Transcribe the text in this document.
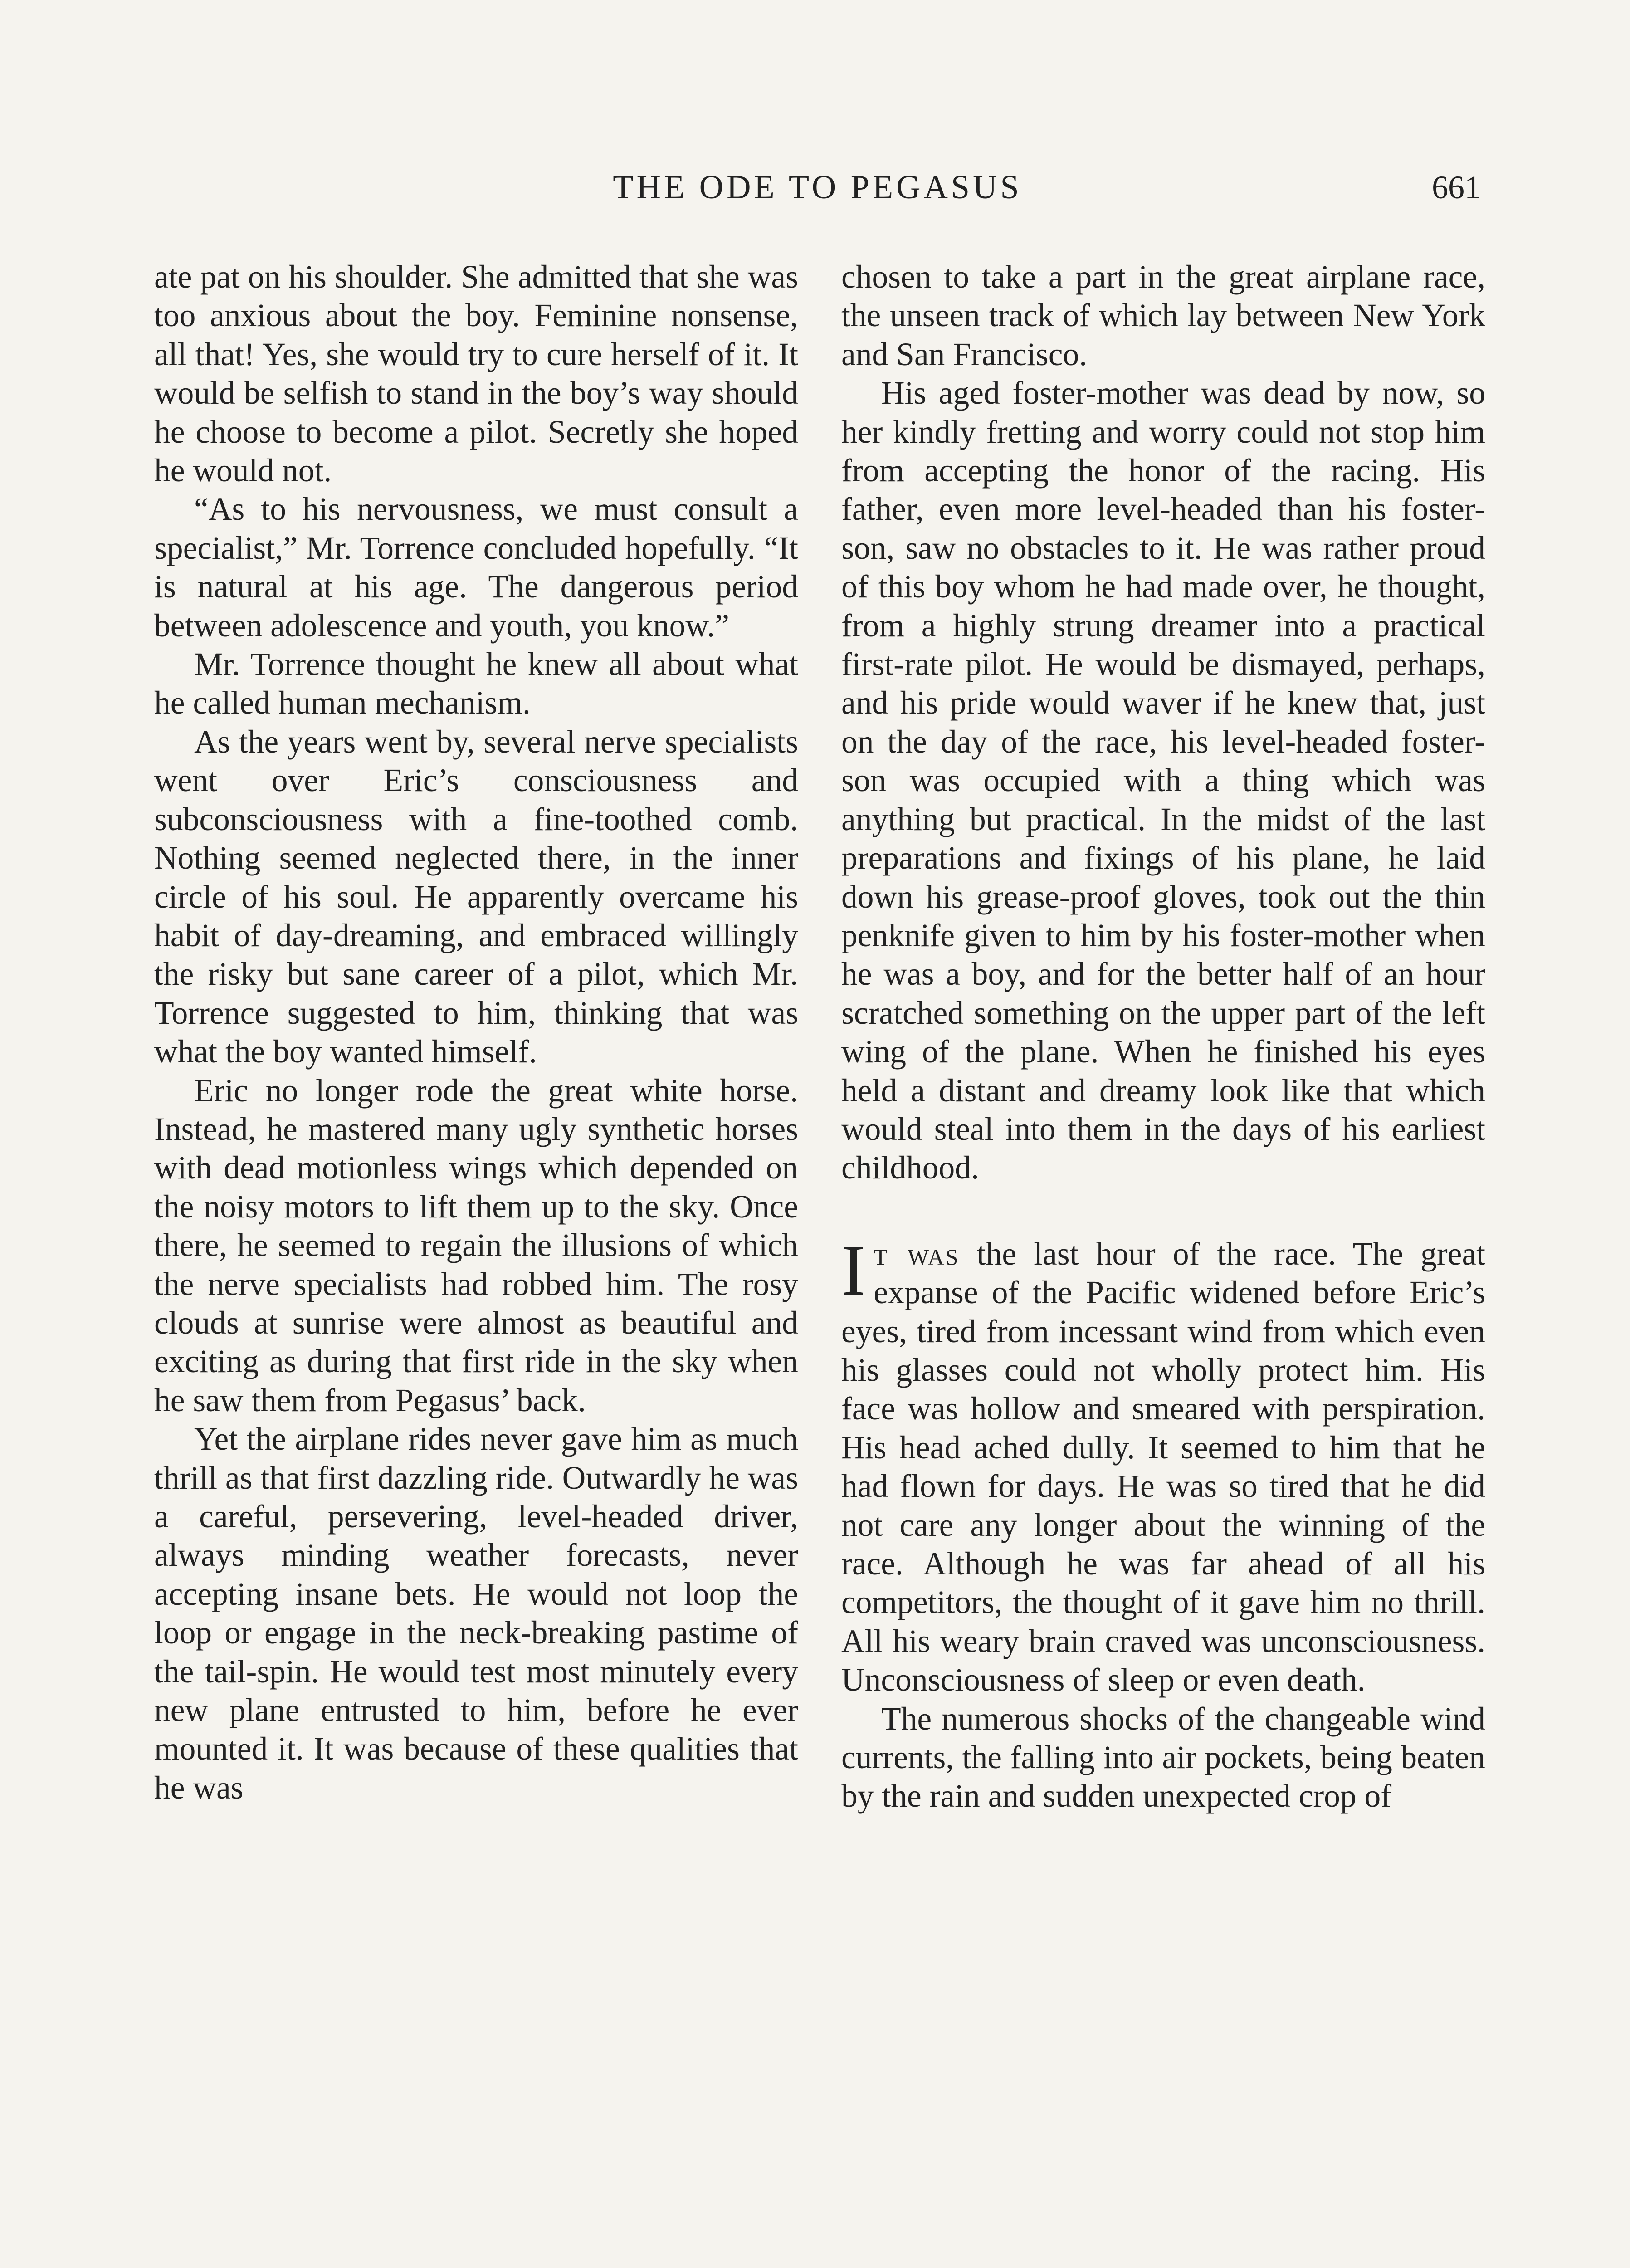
THE ODE TO PEGASUS	661

ate pat on his shoulder. She admitted that she was too anxious about the boy. Feminine nonsense, all that! Yes, she would try to cure herself of it. It would be selfish to stand in the boy’s way should he choose to become a pilot. Secretly she hoped he would not.

“As to his nervousness, we must consult a specialist,” Mr. Torrence concluded hopefully. “It is natural at his age. The dangerous period between adolescence and youth, you know.”

Mr. Torrence thought he knew all about what he called human mechanism.

As the years went by, several nerve specialists went over Eric’s consciousness and subconsciousness with a fine-toothed comb. Nothing seemed neglected there, in the inner circle of his soul. He apparently overcame his habit of day-dreaming, and embraced willingly the risky but sane career of a pilot, which Mr. Torrence suggested to him, thinking that was what the boy wanted himself.

Eric no longer rode the great white horse. Instead, he mastered many ugly synthetic horses with dead motionless wings which depended on the noisy motors to lift them up to the sky. Once there, he seemed to regain the illusions of which the nerve specialists had robbed him. The rosy clouds at sunrise were almost as beautiful and exciting as during that first ride in the sky when he saw them from Pegasus’ back.

Yet the airplane rides never gave him as much thrill as that first dazzling ride. Outwardly he was a careful, persevering, level-headed driver, always minding weather forecasts, never accepting insane bets. He would not loop the loop or engage in the neck-breaking pastime of the tail-spin. He would test most minutely every new plane entrusted to him, before he ever mounted it. It was because of these qualities that he was

chosen to take a part in the great airplane race, the unseen track of which lay between New York and San Francisco.

His aged foster-mother was dead by now, so her kindly fretting and worry could not stop him from accepting the honor of the racing. His father, even more level-headed than his foster-son, saw no obstacles to it. He was rather proud of this boy whom he had made over, he thought, from a highly strung dreamer into a practical first-rate pilot. He would be dismayed, perhaps, and his pride would waver if he knew that, just on the day of the race, his level-headed foster-son was occupied with a thing which was anything but practical. In the midst of the last preparations and fixings of his plane, he laid down his grease-proof gloves, took out the thin penknife given to him by his foster-mother when he was a boy, and for the better half of an hour scratched something on the upper part of the left wing of the plane. When he finished his eyes held a distant and dreamy look like that which would steal into them in the days of his earliest childhood.

It was the last hour of the race. The great expanse of the Pacific widened before Eric’s eyes, tired from incessant wind from which even his glasses could not wholly protect him. His face was hollow and smeared with perspiration. His head ached dully. It seemed to him that he had flown for days. He was so tired that he did not care any longer about the winning of the race. Although he was far ahead of all his competitors, the thought of it gave him no thrill. All his weary brain craved was unconsciousness. Unconsciousness of sleep or even death.

The numerous shocks of the changeable wind currents, the falling into air pockets, being beaten by the rain and sudden unexpected crop of
